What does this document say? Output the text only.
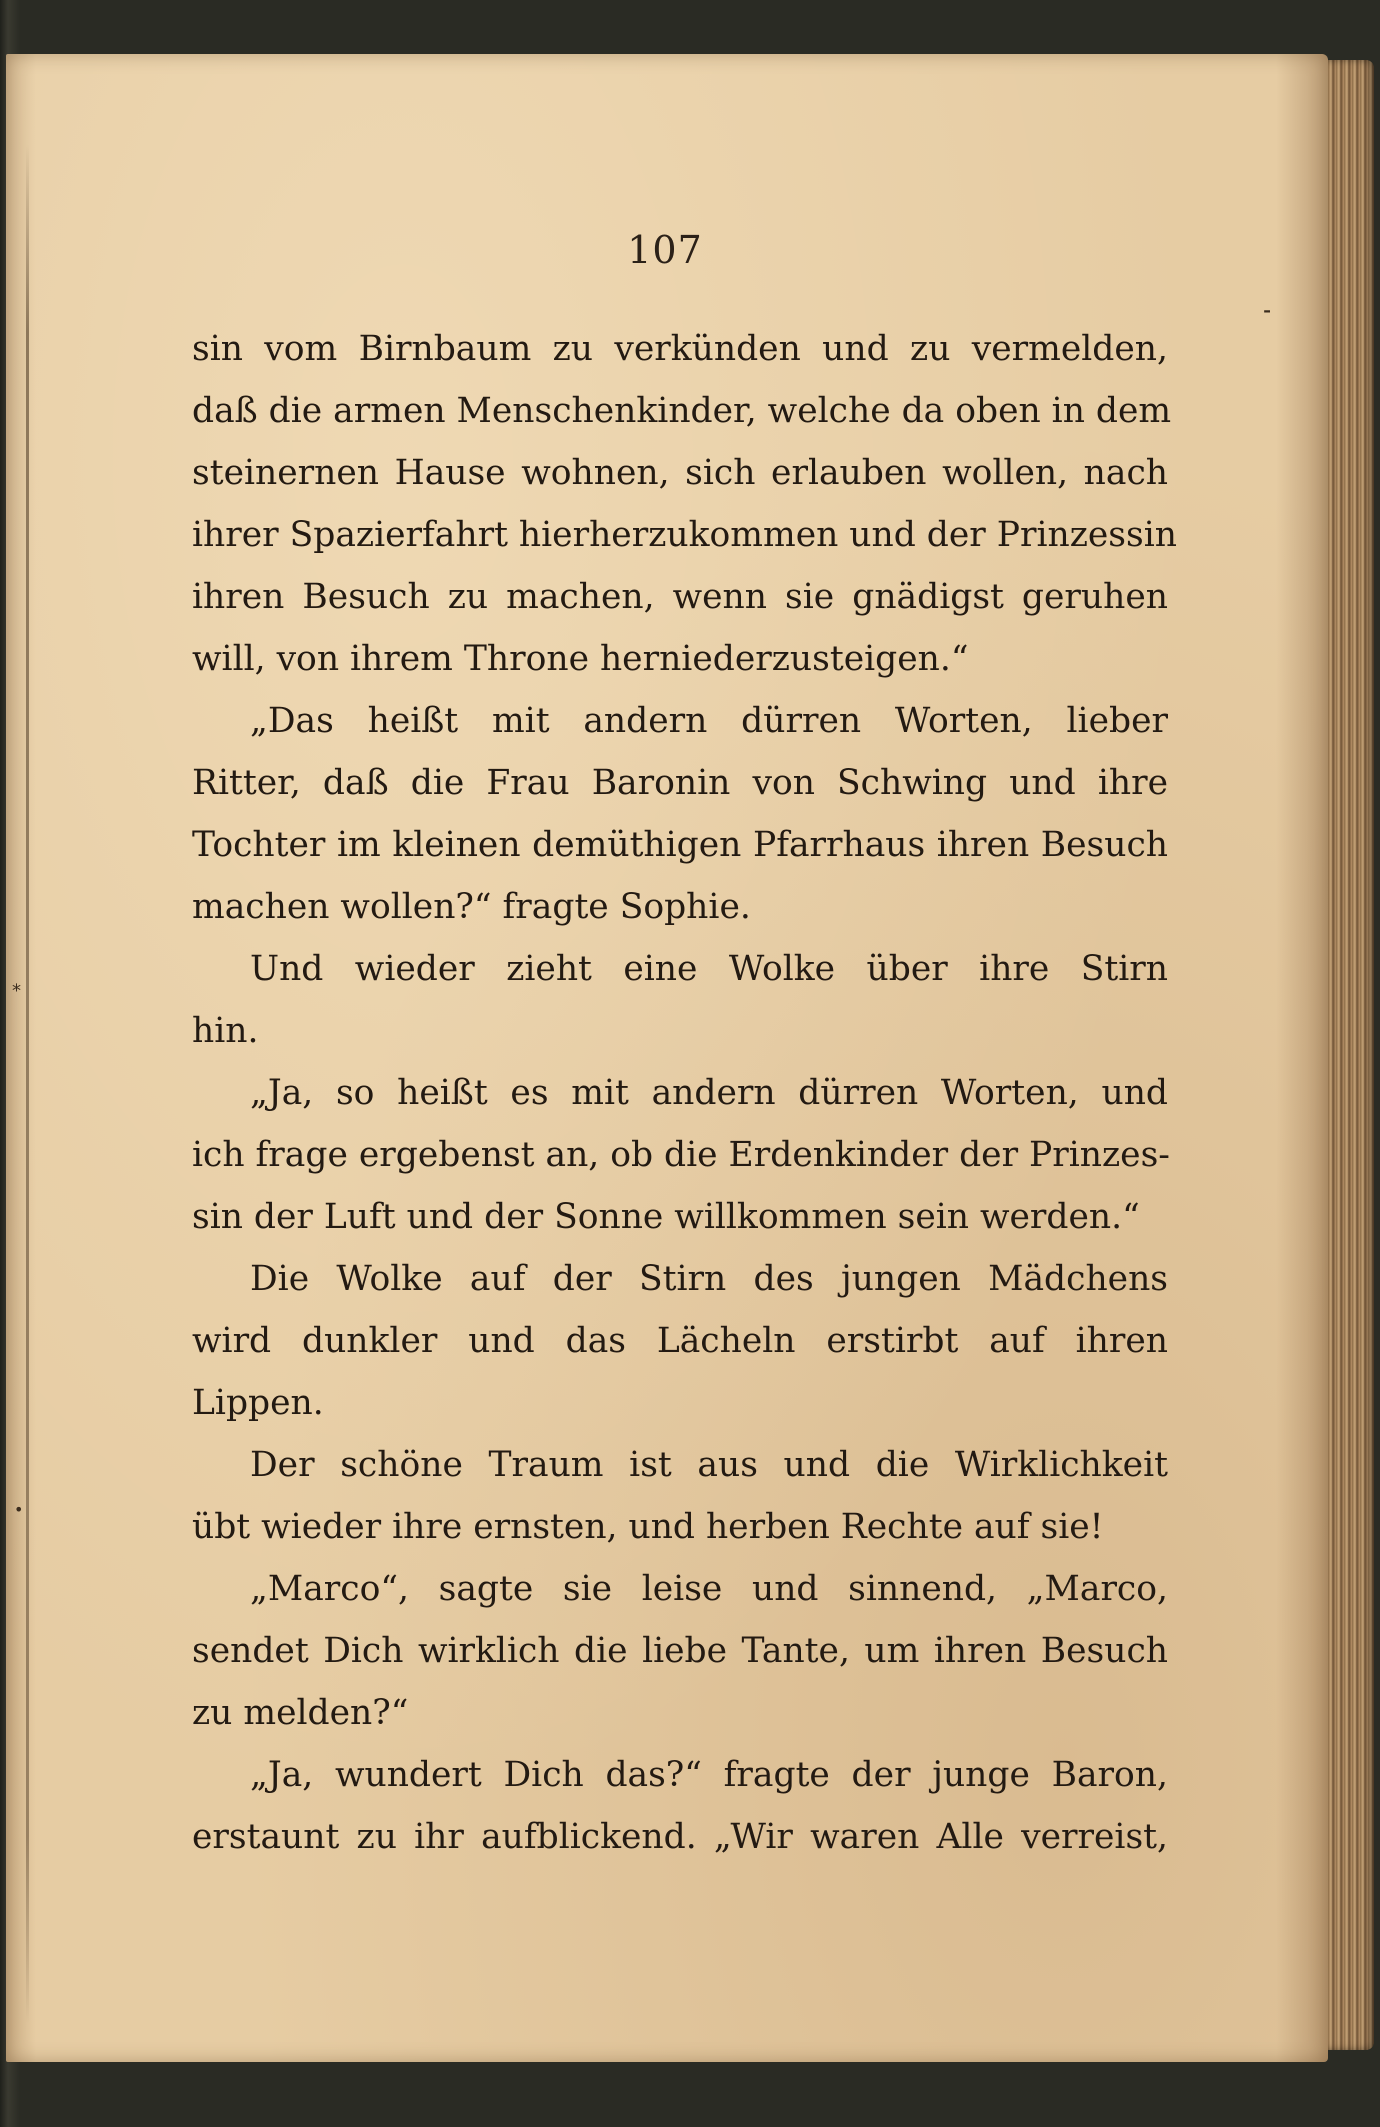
107
sin vom Birnbaum zu verkünden und zu vermelden,
daß die armen Menschenkinder, welche da oben in dem
steinernen Hause wohnen, sich erlauben wollen, nach
ihrer Spazierfahrt hierherzukommen und der Prinzessin
ihren Besuch zu machen, wenn sie gnädigst geruhen
will, von ihrem Throne herniederzusteigen.“
„Das heißt mit andern dürren Worten, lieber
Ritter, daß die Frau Baronin von Schwing und ihre
Tochter im kleinen demüthigen Pfarrhaus ihren Besuch
machen wollen?“ fragte Sophie.
Und wieder zieht eine Wolke über ihre Stirn
hin.
„Ja, so heißt es mit andern dürren Worten, und
ich frage ergebenst an, ob die Erdenkinder der Prinzes-
sin der Luft und der Sonne willkommen sein werden.“
Die Wolke auf der Stirn des jungen Mädchens
wird dunkler und das Lächeln erstirbt auf ihren
Lippen.
Der schöne Traum ist aus und die Wirklichkeit
übt wieder ihre ernsten, und herben Rechte auf sie!
„Marco“, sagte sie leise und sinnend, „Marco,
sendet Dich wirklich die liebe Tante, um ihren Besuch
zu melden?“
„Ja, wundert Dich das?“ fragte der junge Baron,
erstaunt zu ihr aufblickend. „Wir waren Alle verreist,
⁃
⁎
•
